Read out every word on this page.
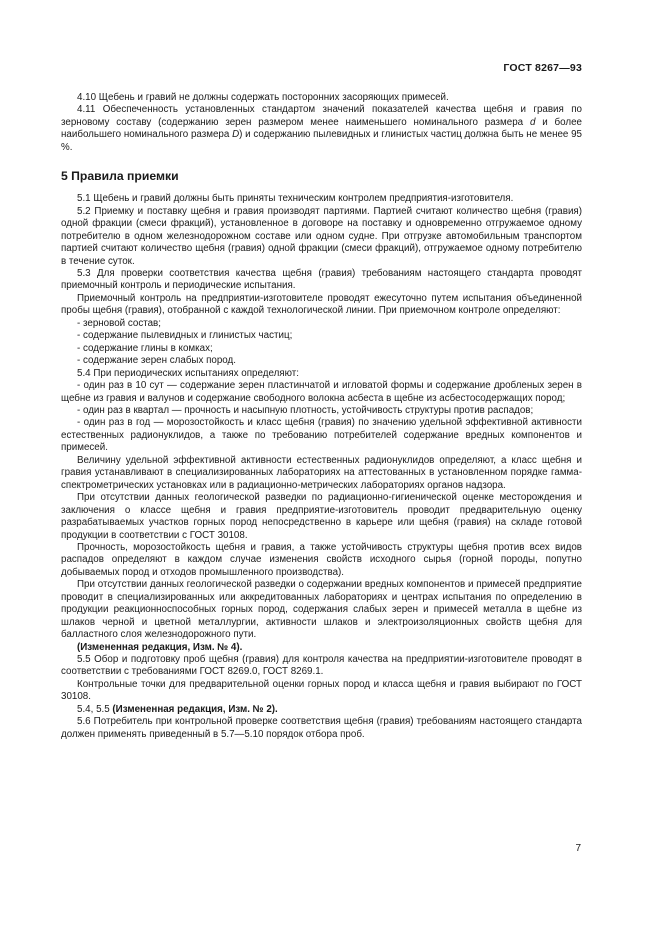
ГОСТ 8267—93

4.10 Щебень и гравий не должны содержать посторонних засоряющих примесей.

4.11 Обеспеченность установленных стандартом значений показателей качества щебня и гравия по зерновому составу (содержанию зерен размером менее наименьшего номинального размера d и более наибольшего номинального размера D) и содержанию пылевидных и глинистых частиц должна быть не менее 95 %.

5 Правила приемки

5.1 Щебень и гравий должны быть приняты техническим контролем предприятия-изготовителя.

5.2 Приемку и поставку щебня и гравия производят партиями. Партией считают количество щебня (гравия) одной фракции (смеси фракций), установленное в договоре на поставку и одновременно отгружаемое одному потребителю в одном железнодорожном составе или одном судне. При отгрузке автомобильным транспортом партией считают количество щебня (гравия) одной фракции (смеси фракций), отгружаемое одному потребителю в течение суток.

5.3 Для проверки соответствия качества щебня (гравия) требованиям настоящего стандарта проводят приемочный контроль и периодические испытания.

Приемочный контроль на предприятии-изготовителе проводят ежесуточно путем испытания объединенной пробы щебня (гравия), отобранной с каждой технологической линии. При приемочном контроле определяют:

- зерновой состав;

- содержание пылевидных и глинистых частиц;

- содержание глины в комках;

- содержание зерен слабых пород.

5.4 При периодических испытаниях определяют:

- один раз в 10 сут — содержание зерен пластинчатой и игловатой формы и содержание дробленых зерен в щебне из гравия и валунов и содержание свободного волокна асбеста в щебне из асбестосодержащих пород;

- один раз в квартал — прочность и насыпную плотность, устойчивость структуры против распадов;

- один раз в год — морозостойкость и класс щебня (гравия) по значению удельной эффективной активности естественных радионуклидов, а также по требованию потребителей содержание вредных компонентов и примесей.

Величину удельной эффективной активности естественных радионуклидов определяют, а класс щебня и гравия устанавливают в специализированных лабораториях на аттестованных в установленном порядке гамма-спектрометрических установках или в радиационно-метрических лабораториях органов надзора.

При отсутствии данных геологической разведки по радиационно-гигиенической оценке месторождения и заключения о классе щебня и гравия предприятие-изготовитель проводит предварительную оценку разрабатываемых участков горных пород непосредственно в карьере или щебня (гравия) на складе готовой продукции в соответствии с ГОСТ 30108.

Прочность, морозостойкость щебня и гравия, а также устойчивость структуры щебня против всех видов распадов определяют в каждом случае изменения свойств исходного сырья (горной породы, попутно добываемых пород и отходов промышленного производства).

При отсутствии данных геологической разведки о содержании вредных компонентов и примесей предприятие проводит в специализированных или аккредитованных лабораториях и центрах испытания по определению в продукции реакционноспособных горных пород, содержания слабых зерен и примесей металла в щебне из шлаков черной и цветной металлургии, активности шлаков и электроизоляционных свойств щебня для балластного слоя железнодорожного пути.

(Измененная редакция, Изм. № 4).

5.5 Обор и подготовку проб щебня (гравия) для контроля качества на предприятии-изготовителе проводят в соответствии с требованиями ГОСТ 8269.0, ГОСТ 8269.1.

Контрольные точки для предварительной оценки горных пород и класса щебня и гравия выбирают по ГОСТ 30108.

5.4, 5.5 (Измененная редакция, Изм. № 2).

5.6 Потребитель при контрольной проверке соответствия щебня (гравия) требованиям настоящего стандарта должен применять приведенный в 5.7—5.10 порядок отбора проб.

7
